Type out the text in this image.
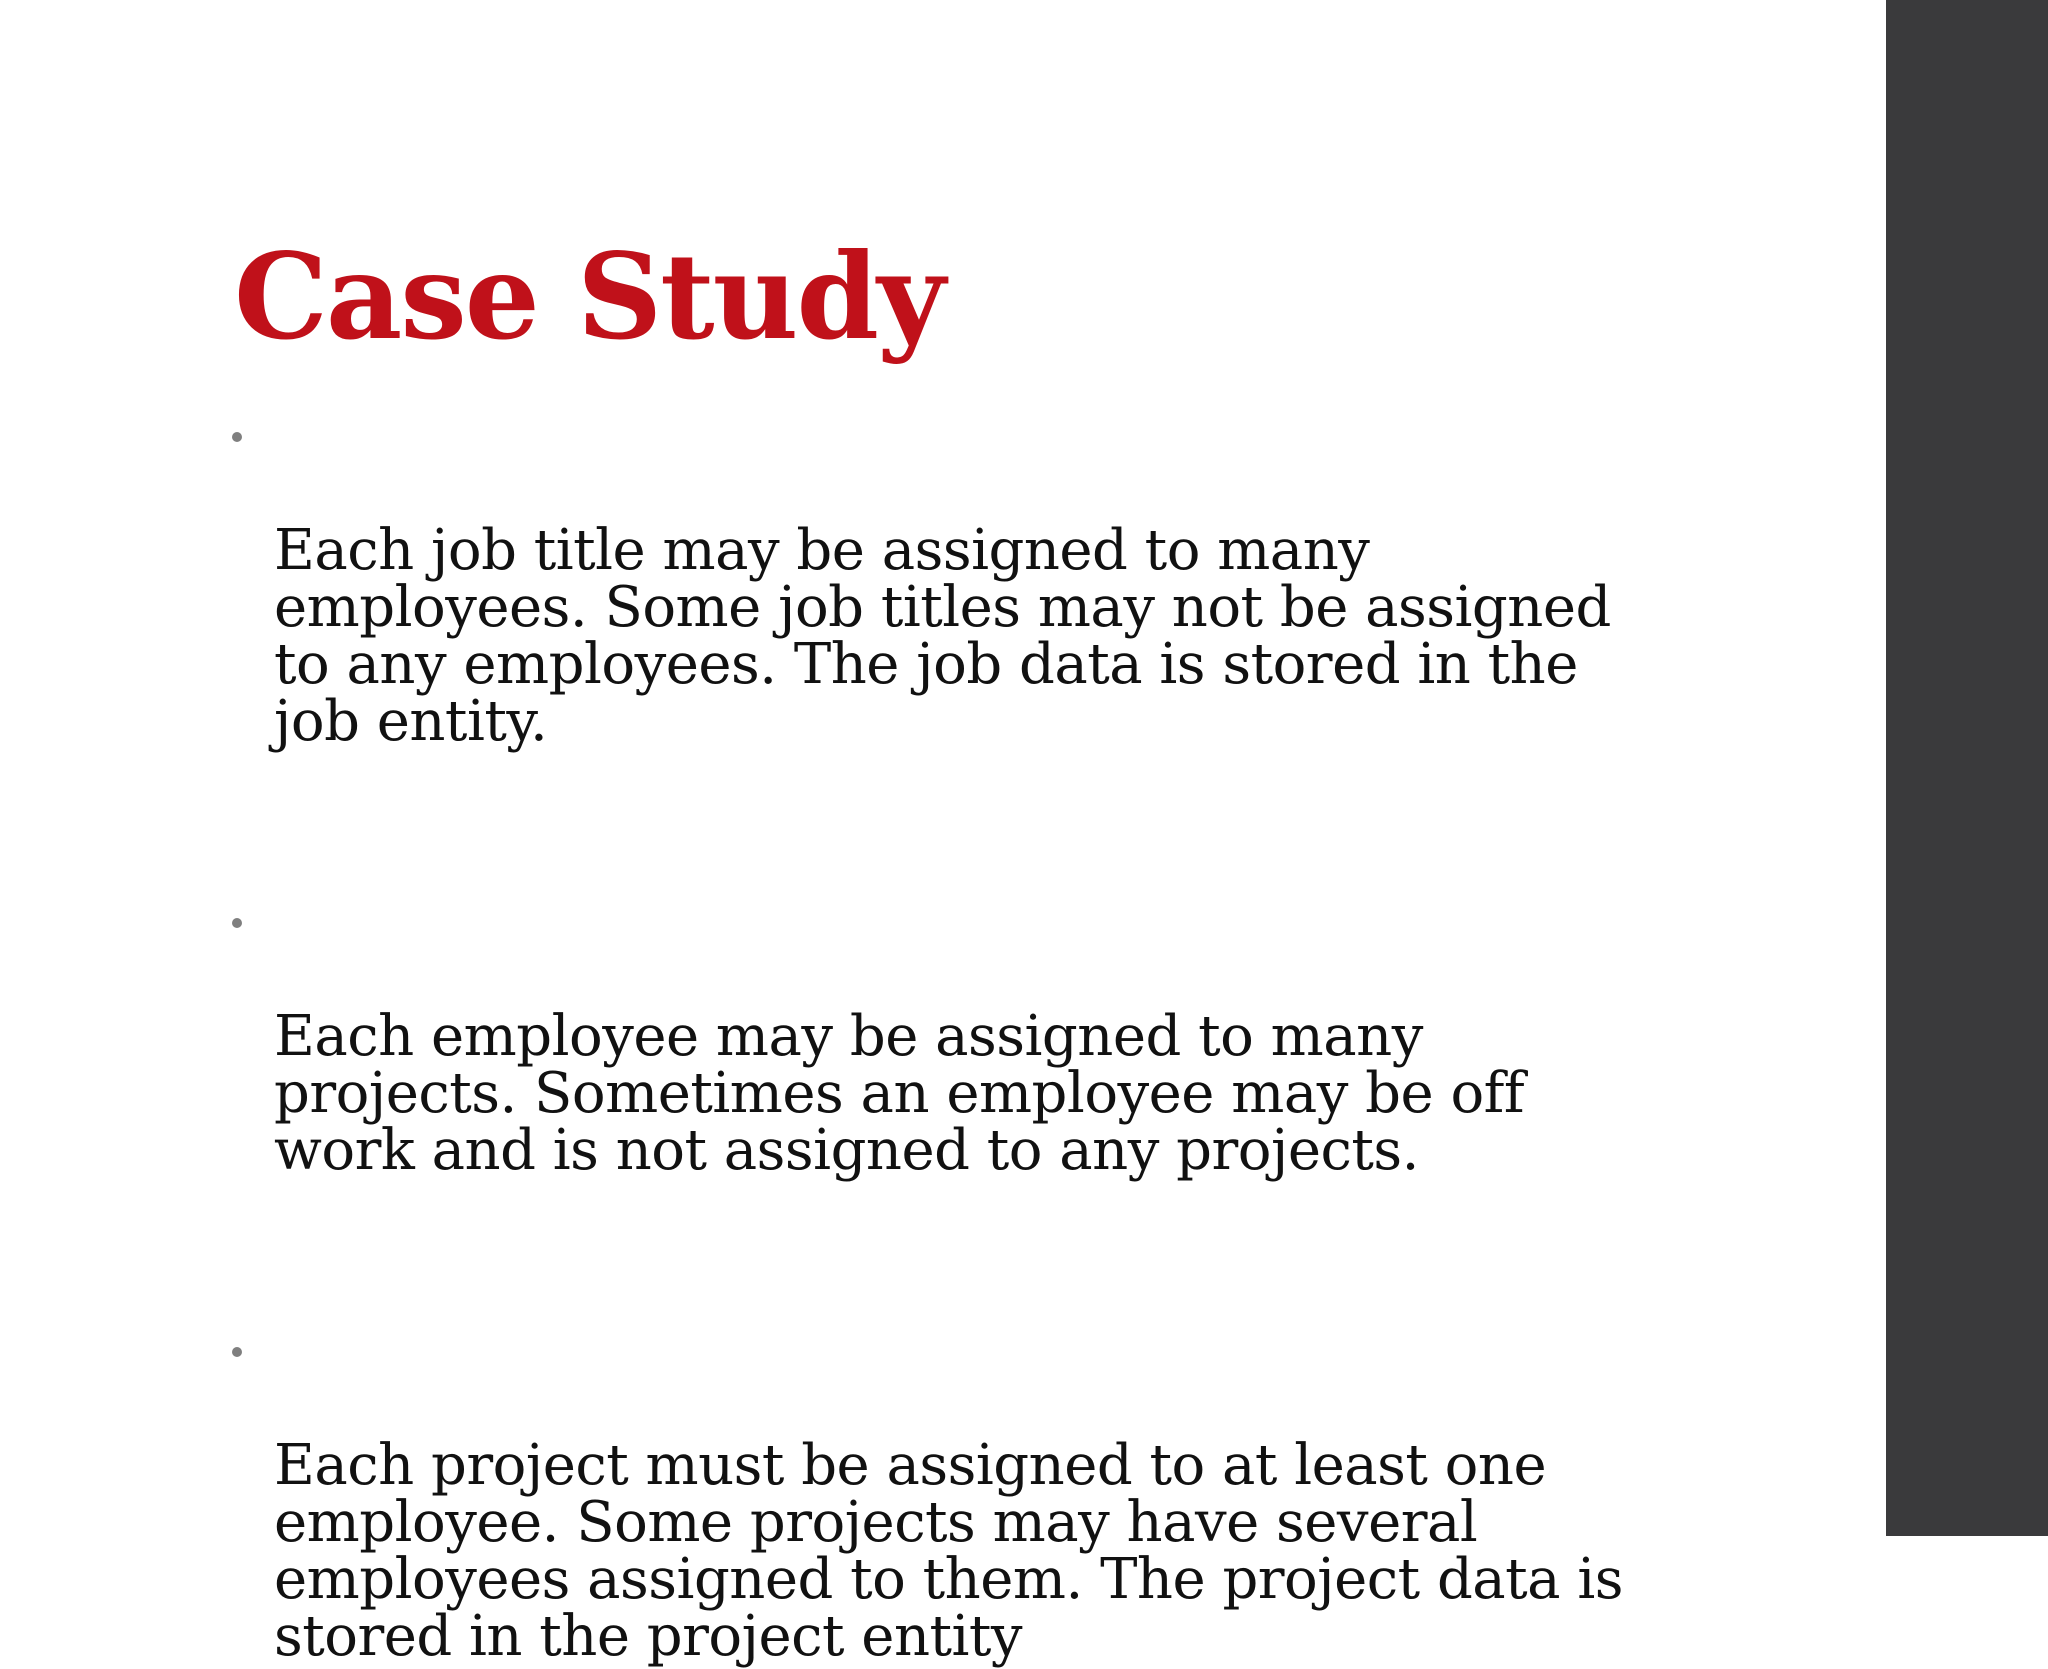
Case Study

Each job title may be assigned to many employees. Some job titles may not be assigned to any employees. The job data is stored in the job entity.

Each employee may be assigned to many projects. Sometimes an employee may be off work and is not assigned to any projects.

Each project must be assigned to at least one employee. Some projects may have several employees assigned to them. The project data is stored in the project entity
